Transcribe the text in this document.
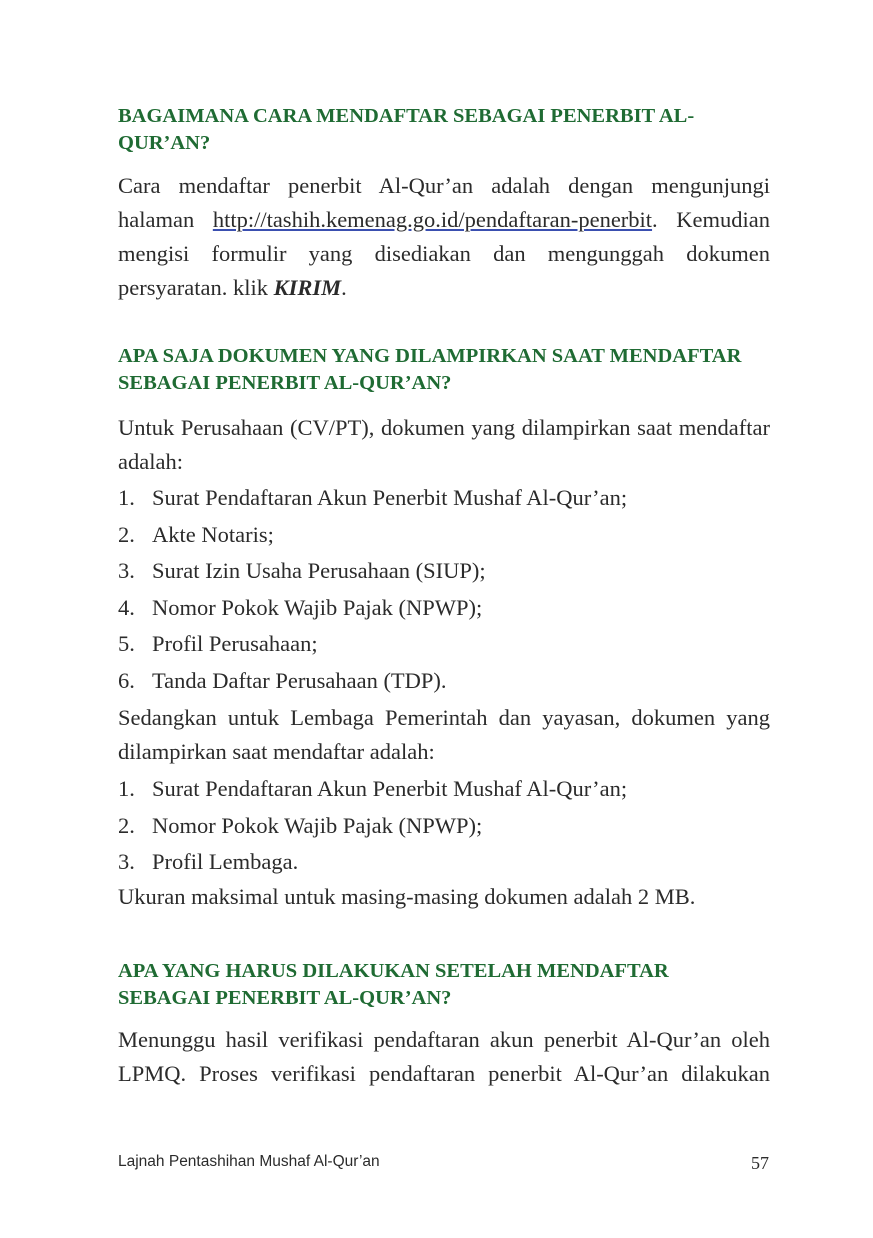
BAGAIMANA CARA MENDAFTAR SEBAGAI PENERBIT AL-
QUR’AN?

Cara mendaftar penerbit Al-Qur’an adalah dengan mengunjungi halaman http://tashih.kemenag.go.id/pendaftaran-penerbit. Kemudian mengisi formulir yang disediakan dan mengunggah dokumen persyaratan. klik KIRIM.

APA SAJA DOKUMEN YANG DILAMPIRKAN SAAT MENDAFTAR
SEBAGAI PENERBIT AL-QUR’AN?

Untuk Perusahaan (CV/PT), dokumen yang dilampirkan saat mendaftar adalah:

1. Surat Pendaftaran Akun Penerbit Mushaf Al-Qur’an;
2. Akte Notaris;
3. Surat Izin Usaha Perusahaan (SIUP);
4. Nomor Pokok Wajib Pajak (NPWP);
5. Profil Perusahaan;
6. Tanda Daftar Perusahaan (TDP).

Sedangkan untuk Lembaga Pemerintah dan yayasan, dokumen yang dilampirkan saat mendaftar adalah:

1. Surat Pendaftaran Akun Penerbit Mushaf Al-Qur’an;
2. Nomor Pokok Wajib Pajak (NPWP);
3. Profil Lembaga.

Ukuran maksimal untuk masing-masing dokumen adalah 2 MB.

APA YANG HARUS DILAKUKAN SETELAH MENDAFTAR
SEBAGAI PENERBIT AL-QUR’AN?

Menunggu hasil verifikasi pendaftaran akun penerbit Al-Qur’an oleh LPMQ. Proses verifikasi pendaftaran penerbit Al-Qur’an dilakukan

Lajnah Pentashihan Mushaf Al-Qur’an	57
